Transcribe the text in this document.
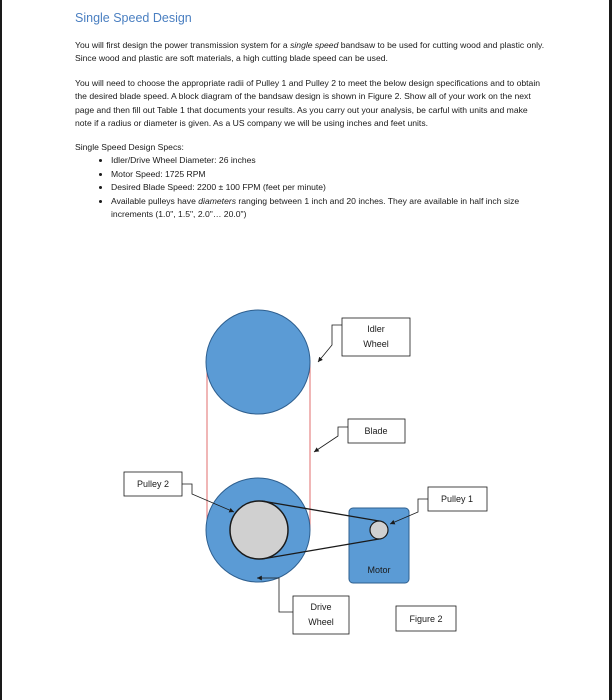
Single Speed Design

You will first design the power transmission system for a single speed bandsaw to be used for cutting wood and plastic only. Since wood and plastic are soft materials, a high cutting blade speed can be used.

You will need to choose the appropriate radii of Pulley 1 and Pulley 2 to meet the below design specifications and to obtain the desired blade speed. A block diagram of the bandsaw design is shown in Figure 2. Show all of your work on the next page and then fill out Table 1 that documents your results. As you carry out your analysis, be carful with units and make note if a radius or diameter is given. As a US company we will be using inches and feet units.

Single Speed Design Specs:
• Idler/Drive Wheel Diameter: 26 inches
• Motor Speed: 1725 RPM
• Desired Blade Speed: 2200 ± 100 FPM (feet per minute)
• Available pulleys have diameters ranging between 1 inch and 20 inches. They are available in half inch size increments (1.0", 1.5", 2.0"… 20.0")
Motor
Idler
Wheel
Blade
Pulley 2
Pulley 1
Drive
Wheel	Figure 2
